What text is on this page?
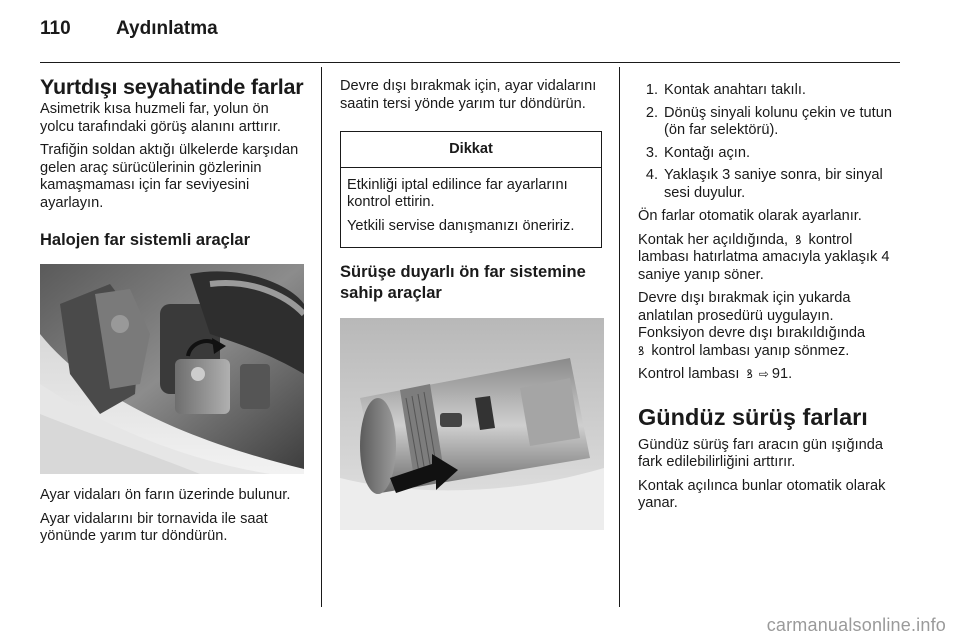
110 Aydınlatma
Yurtdışı seyahatinde farlar

Asimetrik kısa huzmeli far, yolun ön yolcu tarafındaki görüş alanını arttırır.

Trafiğin soldan aktığı ülkelerde karşıdan gelen araç sürücülerinin gözlerinin kamaşmaması için far seviyesini ayarlayın.

Halojen far sistemli araçlar

Ayar vidaları ön farın üzerinde bulunur.

Ayar vidalarını bir tornavida ile saat yönünde yarım tur döndürün.

Devre dışı bırakmak için, ayar vidalarını saatin tersi yönde yarım tur döndürün.

Dikkat

Etkinliği iptal edilince far ayarlarını kontrol ettirin.

Yetkili servise danışmanızı öneririz.

Sürüşe duyarlı ön far sistemine sahip araçlar
1. Kontak anahtarı takılı.
2. Dönüş sinyali kolunu çekin ve tutun (ön far selektörü).
3. Kontağı açın.
4. Yaklaşık 3 saniye sonra, bir sinyal sesi duyulur.

Ön farlar otomatik olarak ayarlanır.

Kontak her açıldığında, ꝸ kontrol lambası hatırlatma amacıyla yaklaşık 4 saniye yanıp söner.

Devre dışı bırakmak için yukarda anlatılan prosedürü uygulayın.

Fonksiyon devre dışı bırakıldığında
ꝸ kontrol lambası yanıp sönmez.

Kontrol lambası ꝸ ⇨ 91.

Gündüz sürüş farları

Gündüz sürüş farı aracın gün ışığında fark edilebilirliğini arttırır.

Kontak açılınca bunlar otomatik olarak yanar.

carmanualsonline.info
